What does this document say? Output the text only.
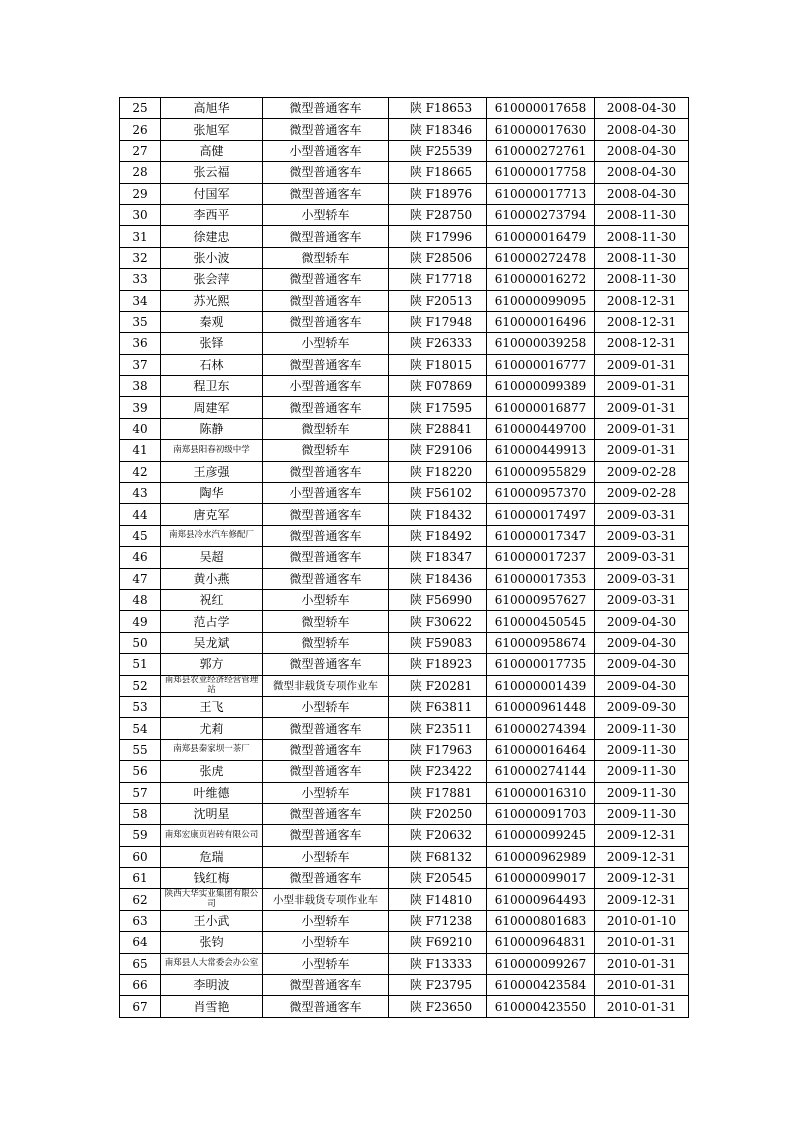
25	高旭华	微型普通客车	陕 F18653	610000017658	2008-04-30
26	张旭军	微型普通客车	陕 F18346	610000017630	2008-04-30
27	高健	小型普通客车	陕 F25539	610000272761	2008-04-30
28	张云福	微型普通客车	陕 F18665	610000017758	2008-04-30
29	付国军	微型普通客车	陕 F18976	610000017713	2008-04-30
30	李西平	小型轿车	陕 F28750	610000273794	2008-11-30
31	徐建忠	微型普通客车	陕 F17996	610000016479	2008-11-30
32	张小波	微型轿车	陕 F28506	610000272478	2008-11-30
33	张会萍	微型普通客车	陕 F17718	610000016272	2008-11-30
34	苏光熙	微型普通客车	陕 F20513	610000099095	2008-12-31
35	秦观	微型普通客车	陕 F17948	610000016496	2008-12-31
36	张铎	小型轿车	陕 F26333	610000039258	2008-12-31
37	石林	微型普通客车	陕 F18015	610000016777	2009-01-31
38	程卫东	小型普通客车	陕 F07869	610000099389	2009-01-31
39	周建军	微型普通客车	陕 F17595	610000016877	2009-01-31
40	陈静	微型轿车	陕 F28841	610000449700	2009-01-31
41	南郑县阳春初级中学	微型轿车	陕 F29106	610000449913	2009-01-31
42	王彦强	微型普通客车	陕 F18220	610000955829	2009-02-28
43	陶华	小型普通客车	陕 F56102	610000957370	2009-02-28
44	唐克军	微型普通客车	陕 F18432	610000017497	2009-03-31
45	南郑县冷水汽车修配厂	微型普通客车	陕 F18492	610000017347	2009-03-31
46	吴超	微型普通客车	陕 F18347	610000017237	2009-03-31
47	黄小燕	微型普通客车	陕 F18436	610000017353	2009-03-31
48	祝红	小型轿车	陕 F56990	610000957627	2009-03-31
49	范占学	微型轿车	陕 F30622	610000450545	2009-04-30
50	吴龙斌	微型轿车	陕 F59083	610000958674	2009-04-30
51	郭方	微型普通客车	陕 F18923	610000017735	2009-04-30
52	南郑县农业经济经营管理站	微型非载货专项作业车	陕 F20281	610000001439	2009-04-30
53	王飞	小型轿车	陕 F63811	610000961448	2009-09-30
54	尤莉	微型普通客车	陕 F23511	610000274394	2009-11-30
55	南郑县秦家坝一茶厂	微型普通客车	陕 F17963	610000016464	2009-11-30
56	张虎	微型普通客车	陕 F23422	610000274144	2009-11-30
57	叶维德	小型轿车	陕 F17881	610000016310	2009-11-30
58	沈明星	微型普通客车	陕 F20250	610000091703	2009-11-30
59	南郑宏康页岩砖有限公司	微型普通客车	陕 F20632	610000099245	2009-12-31
60	危瑞	小型轿车	陕 F68132	610000962989	2009-12-31
61	钱红梅	微型普通客车	陕 F20545	610000099017	2009-12-31
62	陕西大华实业集团有限公司	小型非载货专项作业车	陕 F14810	610000964493	2009-12-31
63	王小武	小型轿车	陕 F71238	610000801683	2010-01-10
64	张钧	小型轿车	陕 F69210	610000964831	2010-01-31
65	南郑县人大常委会办公室	小型轿车	陕 F13333	610000099267	2010-01-31
66	李明波	微型普通客车	陕 F23795	610000423584	2010-01-31
67	肖雪艳	微型普通客车	陕 F23650	610000423550	2010-01-31
